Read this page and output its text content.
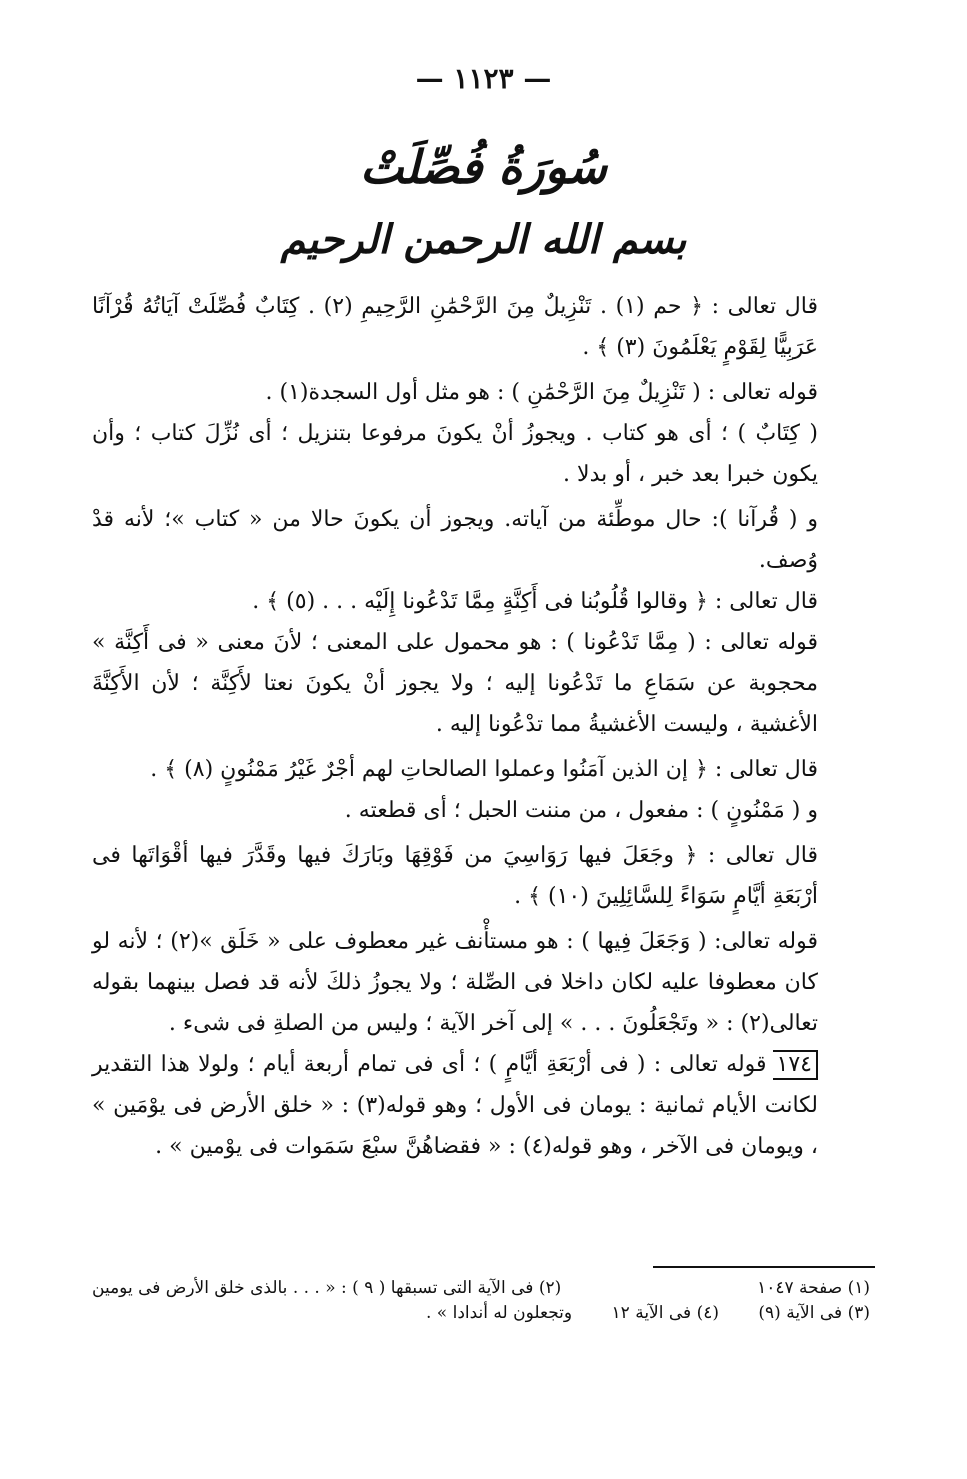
— ١١٢٣ —
سُورَةُ فُصِّلَتْ
بسم الله الرحمن الرحيم

قال تعالى : ﴿ حم (١) . تَنْزِيلٌ مِنَ الرَّحْمَٰنِ الرَّحِيمِ (٢) . كِتَابٌ فُصِّلَتْ آيَاتُهُ قُرْآنًا عَرَبِيًّا لِقَوْمٍ يَعْلَمُونَ (٣) ﴾ .

قوله تعالى : ( تَنْزِيلٌ مِنَ الرَّحْمَٰنِ ) : هو مثل أول السجدة(١) .

( كِتَابٌ ) ؛ أى هو كتاب . ويجوزُ أنْ يكونَ مرفوعا بتنزيل ؛ أى نُزِّلَ كتاب ؛ وأن يكون خبرا بعد خبر ، أو بدلا .

و ( قُرآنا ): حال موطِّئة من آياته. ويجوز أن يكونَ حالا من « كتاب »؛ لأنه قدْ وُصف.

قال تعالى : ﴿ وقالوا قُلُوبُنا فى أَكِنَّةٍ مِمَّا تَدْعُونا إِلَيْه . . . (٥) ﴾ .

قوله تعالى : ( مِمَّا تَدْعُونا ) : هو محمول على المعنى ؛ لأنَ معنى « فى أَكِنَّة » محجوبة عن سَمَاعِ ما تَدْعُونا إليه ؛ ولا يجوز أنْ يكونَ نعتا لأَكِنَّة ؛ لأن الأَكِنَّةَ الأغشية ، وليست الأغشيةُ مما تدْعُونا إليه .

قال تعالى : ﴿ إن الذين آمَنُوا وعملوا الصالحاتِ لهم أجْرٌ غَيْرُ مَمْنُونٍ (٨) ﴾ .

و ( مَمْنُونٍ ) : مفعول ، من مننت الحبل ؛ أى قطعته .

قال تعالى : ﴿ وجَعَلَ فيها رَوَاسِيَ من فَوْقِهَا وبَارَكَ فيها وقَدَّرَ فيها أقْوَاتَها فى أرْبَعَةِ أيَّامٍ سَوَاءً لِلسَّائِلِينَ (١٠) ﴾ .

قوله تعالى: ( وَجَعَلَ فِيها ) : هو مستأْنف غير معطوف على « خَلَق »(٢) ؛ لأنه لو كان معطوفا عليه لكان داخلا فى الصِّلة ؛ ولا يجوزُ ذلكَ لأنه قد فصل بينهما بقوله تعالى(٢) : « وتَجْعَلُونَ . . . » إلى آخر الآية ؛ وليس من الصلةِ فى شىء .

١٧٤قوله تعالى : ( فى أرْبَعَةِ أيَّامٍ ) ؛ أى فى تمام أربعة أيام ؛ ولولا هذا التقدير لكانت الأيام ثمانية : يومان فى الأول ؛ وهو قوله(٣) : « خلق الأرض فى يوْمَين » ، ويومان فى الآخر ، وهو قوله(٤) : « فقضاهُنَّ سبْعَ سَمَوات فى يوْمين » .

(١) صفحة ١٠٤٧
(٢) فى الآية التى تسبقها ( ٩ ) : « . . . بالذى خلق الأرض فى يومين
(٣) فى الآية (٩) (٤) فى الآية ١٢ وتجعلون له أندادا » .
